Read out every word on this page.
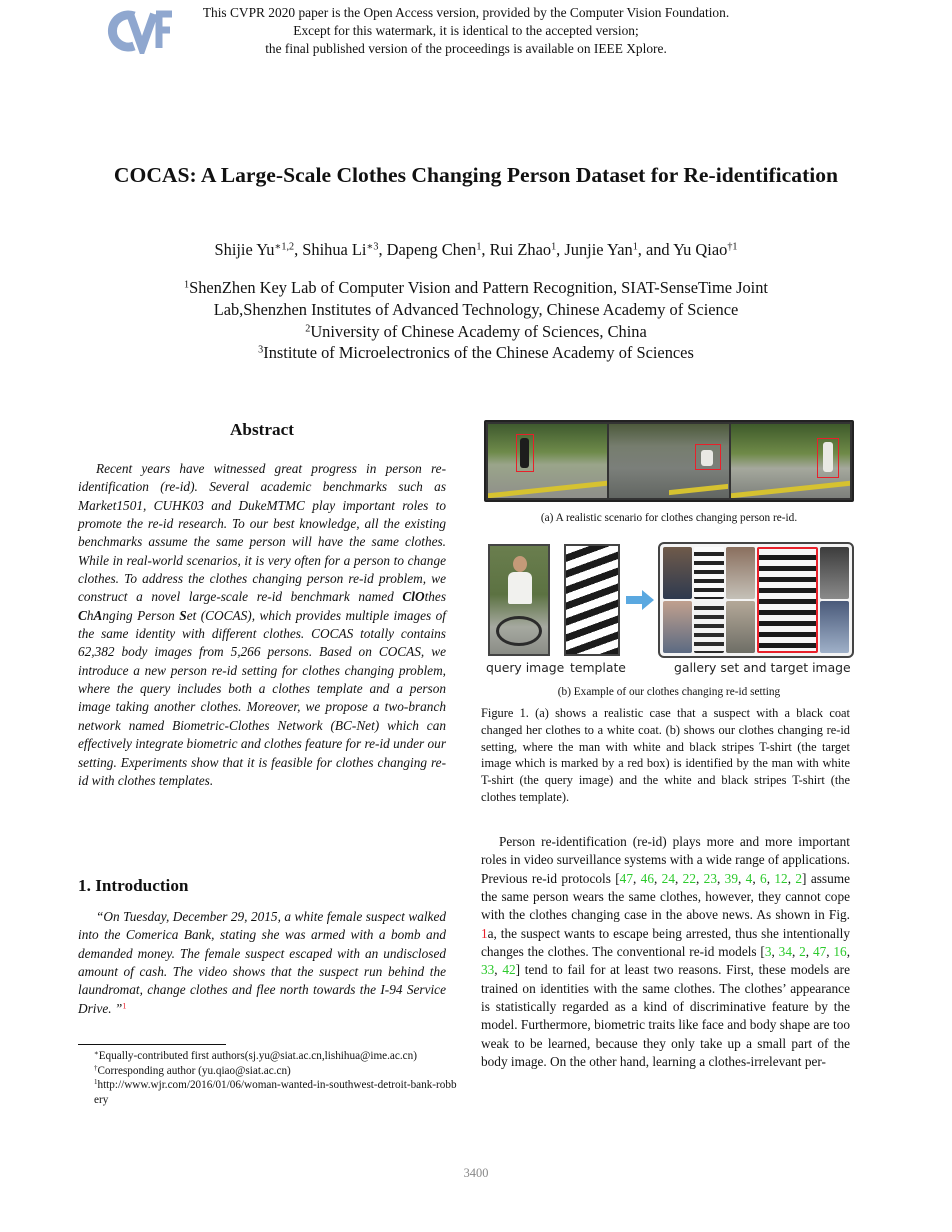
This CVPR 2020 paper is the Open Access version, provided by the Computer Vision Foundation.
Except for this watermark, it is identical to the accepted version;
the final published version of the proceedings is available on IEEE Xplore.
COCAS: A Large-Scale Clothes Changing Person Dataset for Re-identification
Shijie $Yu^{∗1,2}$, Shihua $Li^{∗3}$, Dapeng Chen$^1$, Rui Zhao$^1$, Junjie Yan$^1$, and Yu Qiao$^{\dagger 1}$
$^1$ShenZhen Key Lab of Computer Vision and Pattern Recognition, SIAT-SenseTime Joint
Lab,Shenzhen Institutes of Advanced Technology, Chinese Academy of Science
$^2$University of Chinese Academy of Sciences, China
$^3$Institute of Microelectronics of the Chinese Academy of Sciences
Abstract

Recent years have witnessed great progress in person re-identification (re-id). Several academic benchmarks such as Market1501, CUHK03 and DukeMTMC play important roles to promote the re-id research. To our best knowledge, all the existing benchmarks assume the same person will have the same clothes. While in real-world scenarios, it is very often for a person to change clothes. To address the clothes changing person re-id problem, we construct a novel large-scale re-id benchmark named ClOthes ChAnging Person Set (COCAS), which provides multiple images of the same identity with different clothes. COCAS totally contains 62,382 body images from 5,266 persons. Based on COCAS, we introduce a new person re-id setting for clothes changing problem, where the query includes both a clothes template and a person image taking another clothes. Moreover, we propose a two-branch network named Biometric-Clothes Network (BC-Net) which can effectively integrate biometric and clothes feature for re-id under our setting. Experiments show that it is feasible for clothes changing re-id with clothes templates.

1. Introduction

“On Tuesday, December 29, 2015, a white female suspect walked into the Comerica Bank, stating she was armed with a bomb and demanded money. The female suspect escaped with an undisclosed amount of cash. The video shows that the suspect run behind the laundromat, change clothes and flee north towards the I-94 Service Drive. ”$^1$

∗Equally-contributed first authors(sj.yu@siat.ac.cn,lishihua@ime.ac.cn)

†Corresponding author (yu.qiao@siat.ac.cn)

$^1$http://www.wjr.com/2016/01/06/woman-wanted-in-southwest-detroit-bank-robbery

(a) A realistic scenario for clothes changing person re-id.
query image template	gallery set and target image
(b) Example of our clothes changing re-id setting

Figure 1. (a) shows a realistic case that a suspect with a black coat changed her clothes to a white coat. (b) shows our clothes changing re-id setting, where the man with white and black stripes T-shirt (the target image which is marked by a red box) is identified by the man with white T-shirt (the query image) and the white and black stripes T-shirt (the clothes template).

Person re-identification (re-id) plays more and more important roles in video surveillance systems with a wide range of applications. Previous re-id protocols [47, 46, 24, 22, 23, 39, 4, 6, 12, 2] assume the same person wears the same clothes, however, they cannot cope with the clothes changing case in the above news. As shown in Fig. 1a, the suspect wants to escape being arrested, thus she intentionally changes the clothes. The conventional re-id models [3, 34, 2, 47, 16, 33, 42] tend to fail for at least two reasons. First, these models are trained on identities with the same clothes. The clothes’ appearance is statistically regarded as a kind of discriminative feature by the model. Furthermore, biometric traits like face and body shape are too weak to be learned, because they only take up a small part of the body image. On the other hand, learning a clothes-irrelevant per-

3400
